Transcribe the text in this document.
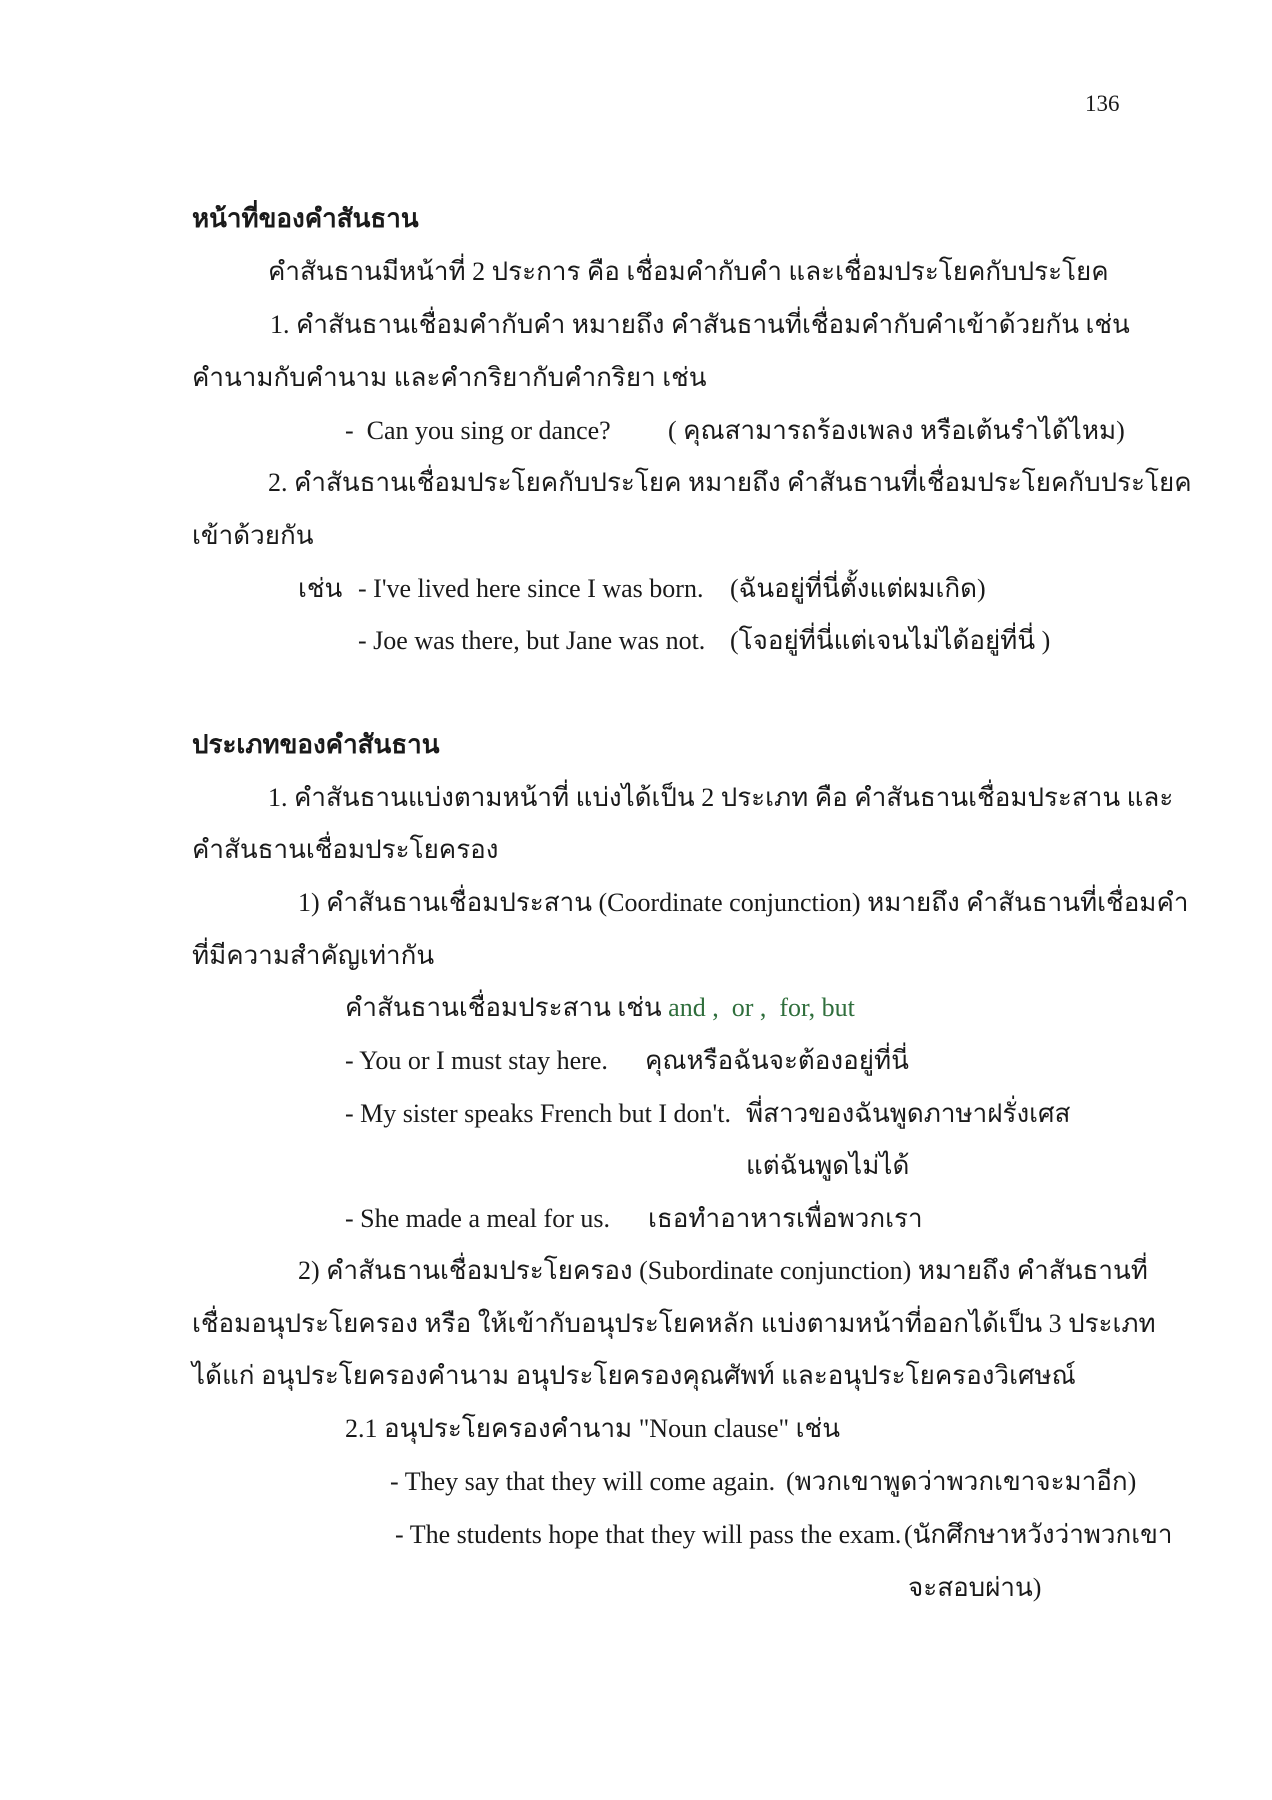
136
หน้าที่ของคำสันธาน
คำสันธานมีหน้าที่ 2 ประการ คือ เชื่อมคำกับคำ และเชื่อมประโยคกับประโยค
1. คำสันธานเชื่อมคำกับคำ หมายถึง คำสันธานที่เชื่อมคำกับคำเข้าด้วยกัน เช่น
คำนามกับคำนาม และคำกริยากับคำกริยา เช่น
-  Can you sing or dance? ( คุณสามารถร้องเพลง หรือเต้นรำได้ไหม)
2. คำสันธานเชื่อมประโยคกับประโยค หมายถึง คำสันธานที่เชื่อมประโยคกับประโยค
เข้าด้วยกัน
เช่น - I've lived here since I was born. (ฉันอยู่ที่นี่ตั้งแต่ผมเกิด)
- Joe was there, but Jane was not. (โจอยู่ที่นี่แต่เจนไม่ได้อยู่ที่นี่ )
ประเภทของคำสันธาน
1. คำสันธานแบ่งตามหน้าที่ แบ่งได้เป็น 2 ประเภท คือ คำสันธานเชื่อมประสาน และ
คำสันธานเชื่อมประโยครอง
1) คำสันธานเชื่อมประสาน (Coordinate conjunction) หมายถึง คำสันธานที่เชื่อมคำ
ที่มีความสำคัญเท่ากัน
คำสันธานเชื่อมประสาน เช่น and ,  or ,  for, but
- You or I must stay here. คุณหรือฉันจะต้องอยู่ที่นี่
- My sister speaks French but I don't. พี่สาวของฉันพูดภาษาฝรั่งเศส
แต่ฉันพูดไม่ได้
- She made a meal for us. เธอทำอาหารเพื่อพวกเรา
2) คำสันธานเชื่อมประโยครอง (Subordinate conjunction) หมายถึง คำสันธานที่
เชื่อมอนุประโยครอง หรือ ให้เข้ากับอนุประโยคหลัก แบ่งตามหน้าที่ออกได้เป็น 3 ประเภท
ได้แก่ อนุประโยครองคำนาม อนุประโยครองคุณศัพท์ และอนุประโยครองวิเศษณ์
2.1 อนุประโยครองคำนาม "Noun clause" เช่น
- They say that they will come again. (พวกเขาพูดว่าพวกเขาจะมาอีก)
- The students hope that they will pass the exam. (นักศึกษาหวังว่าพวกเขา
จะสอบผ่าน)
